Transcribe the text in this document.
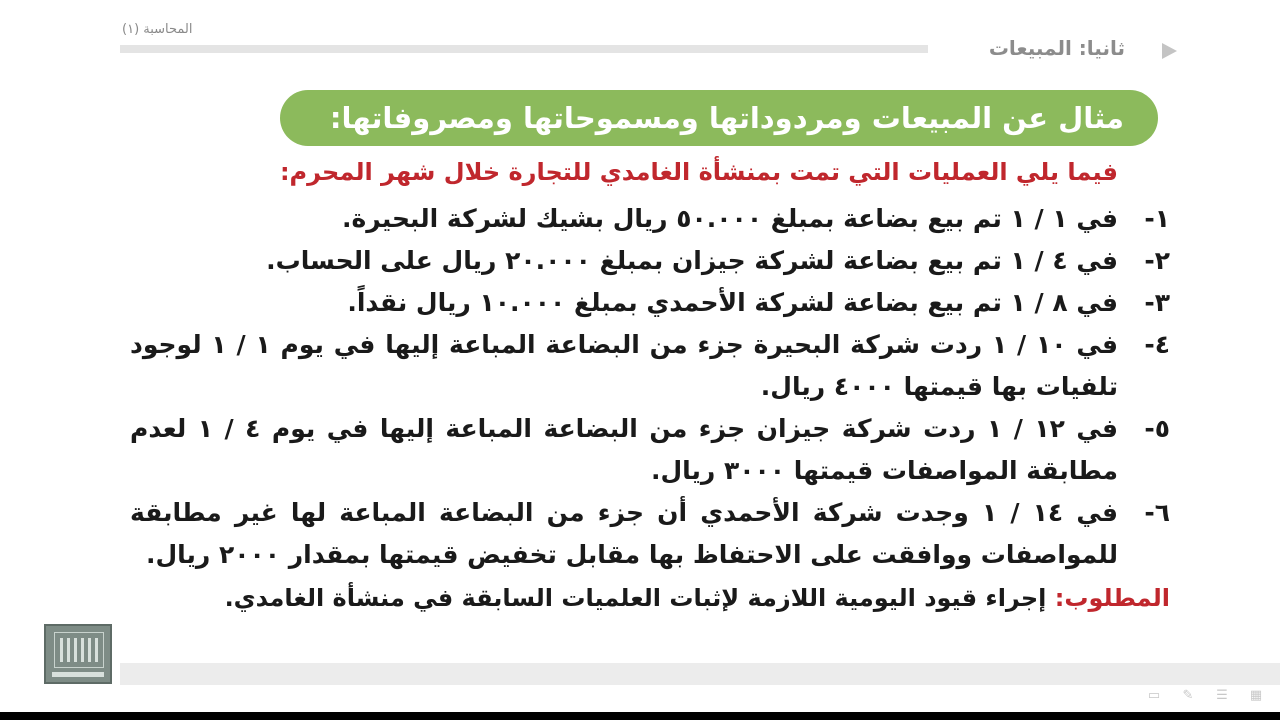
المحاسبة (١)
ثانيا: المبيعات
مثال عن المبيعات ومردوداتها ومسموحاتها ومصروفاتها:
فيما يلي العمليات التي تمت بمنشأة الغامدي للتجارة خلال شهر المحرم:
١-
في ١ / ١ تم بيع بضاعة بمبلغ ٥٠.٠٠٠ ريال بشيك لشركة البحيرة.
٢-
في ٤ / ١ تم بيع بضاعة لشركة جيزان بمبلغ ٢٠.٠٠٠ ريال على الحساب.
٣-
في ٨ / ١ تم بيع بضاعة لشركة الأحمدي بمبلغ ١٠.٠٠٠ ريال نقداً.
٤-
في ١٠ / ١ ردت شركة البحيرة جزء من البضاعة المباعة إليها في يوم ١ / ١ لوجود تلفيات بها قيمتها ٤٠٠٠ ريال.
٥-
في ١٢ / ١ ردت شركة جيزان جزء من البضاعة المباعة إليها في يوم ٤ / ١ لعدم مطابقة المواصفات قيمتها ٣٠٠٠ ريال.
٦-
في ١٤ / ١ وجدت شركة الأحمدي أن جزء من البضاعة المباعة لها غير مطابقة للمواصفات ووافقت على الاحتفاظ بها مقابل تخفيض قيمتها بمقدار ٢٠٠٠ ريال.
المطلوب: إجراء قيود اليومية اللازمة لإثبات العلميات السابقة في منشأة الغامدي.
▦
☰
✎
▭
